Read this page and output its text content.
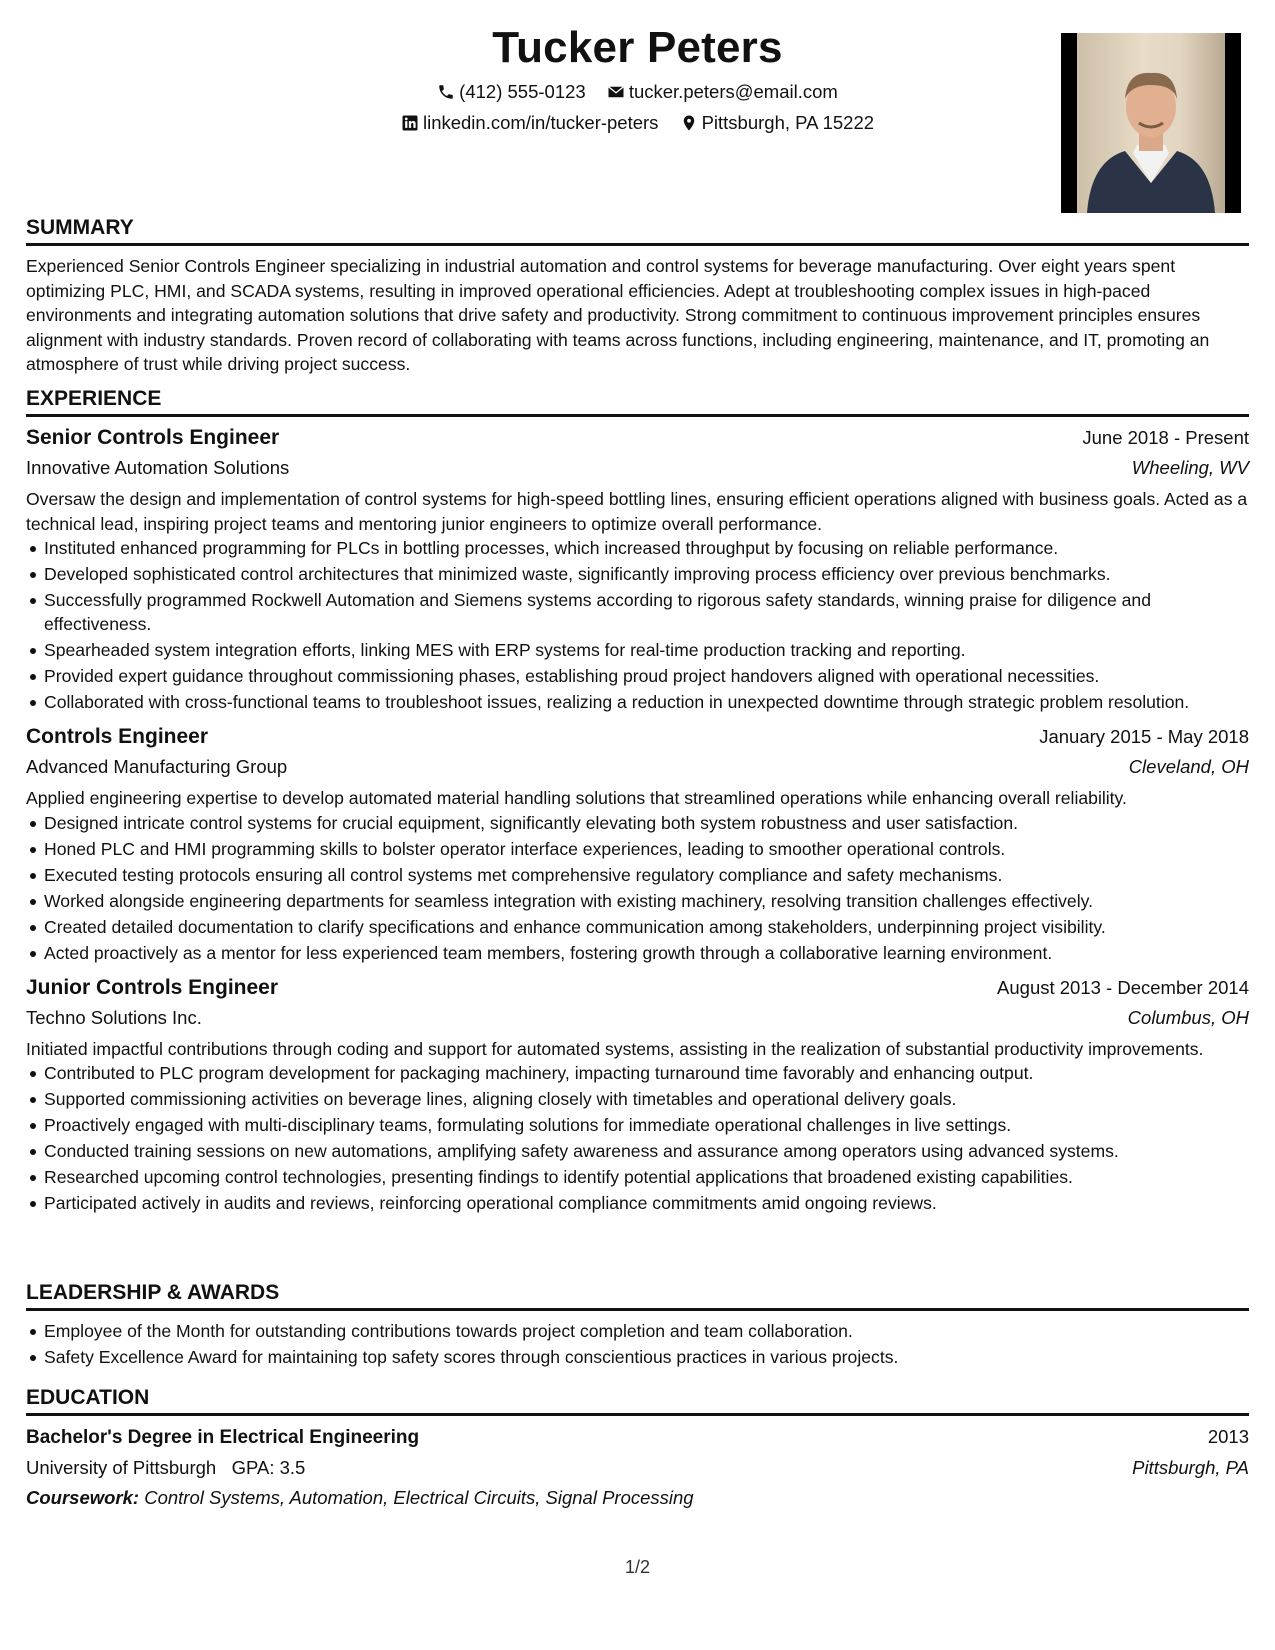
Tucker Peters
(412) 555-0123
tucker.peters@email.com
linkedin.com/in/tucker-peters
Pittsburgh, PA 15222
SUMMARY

Experienced Senior Controls Engineer specializing in industrial automation and control systems for beverage manufacturing. Over eight years spent optimizing PLC, HMI, and SCADA systems, resulting in improved operational efficiencies. Adept at troubleshooting complex issues in high-paced environments and integrating automation solutions that drive safety and productivity. Strong commitment to continuous improvement principles ensures alignment with industry standards. Proven record of collaborating with teams across functions, including engineering, maintenance, and IT, promoting an atmosphere of trust while driving project success.

EXPERIENCE
Senior Controls Engineer	June 2018 - Present
Innovative Automation Solutions	Wheeling, WV

Oversaw the design and implementation of control systems for high-speed bottling lines, ensuring efficient operations aligned with business goals. Acted as a technical lead, inspiring project teams and mentoring junior engineers to optimize overall performance.

Instituted enhanced programming for PLCs in bottling processes, which increased throughput by focusing on reliable performance.
Developed sophisticated control architectures that minimized waste, significantly improving process efficiency over previous benchmarks.
Successfully programmed Rockwell Automation and Siemens systems according to rigorous safety standards, winning praise for diligence and effectiveness.
Spearheaded system integration efforts, linking MES with ERP systems for real-time production tracking and reporting.
Provided expert guidance throughout commissioning phases, establishing proud project handovers aligned with operational necessities.
Collaborated with cross-functional teams to troubleshoot issues, realizing a reduction in unexpected downtime through strategic problem resolution.
Controls Engineer	January 2015 - May 2018
Advanced Manufacturing Group	Cleveland, OH

Applied engineering expertise to develop automated material handling solutions that streamlined operations while enhancing overall reliability.

Designed intricate control systems for crucial equipment, significantly elevating both system robustness and user satisfaction.
Honed PLC and HMI programming skills to bolster operator interface experiences, leading to smoother operational controls.
Executed testing protocols ensuring all control systems met comprehensive regulatory compliance and safety mechanisms.
Worked alongside engineering departments for seamless integration with existing machinery, resolving transition challenges effectively.
Created detailed documentation to clarify specifications and enhance communication among stakeholders, underpinning project visibility.
Acted proactively as a mentor for less experienced team members, fostering growth through a collaborative learning environment.
Junior Controls Engineer	August 2013 - December 2014
Techno Solutions Inc.	Columbus, OH

Initiated impactful contributions through coding and support for automated systems, assisting in the realization of substantial productivity improvements.

Contributed to PLC program development for packaging machinery, impacting turnaround time favorably and enhancing output.
Supported commissioning activities on beverage lines, aligning closely with timetables and operational delivery goals.
Proactively engaged with multi-disciplinary teams, formulating solutions for immediate operational challenges in live settings.
Conducted training sessions on new automations, amplifying safety awareness and assurance among operators using advanced systems.
Researched upcoming control technologies, presenting findings to identify potential applications that broadened existing capabilities.
Participated actively in audits and reviews, reinforcing operational compliance commitments amid ongoing reviews.
LEADERSHIP & AWARDS
Employee of the Month for outstanding contributions towards project completion and team collaboration.
Safety Excellence Award for maintaining top safety scores through conscientious practices in various projects.
EDUCATION
Bachelor's Degree in Electrical Engineering	2013
University of Pittsburgh GPA: 3.5	Pittsburgh, PA
Coursework: Control Systems, Automation, Electrical Circuits, Signal Processing
1/2
